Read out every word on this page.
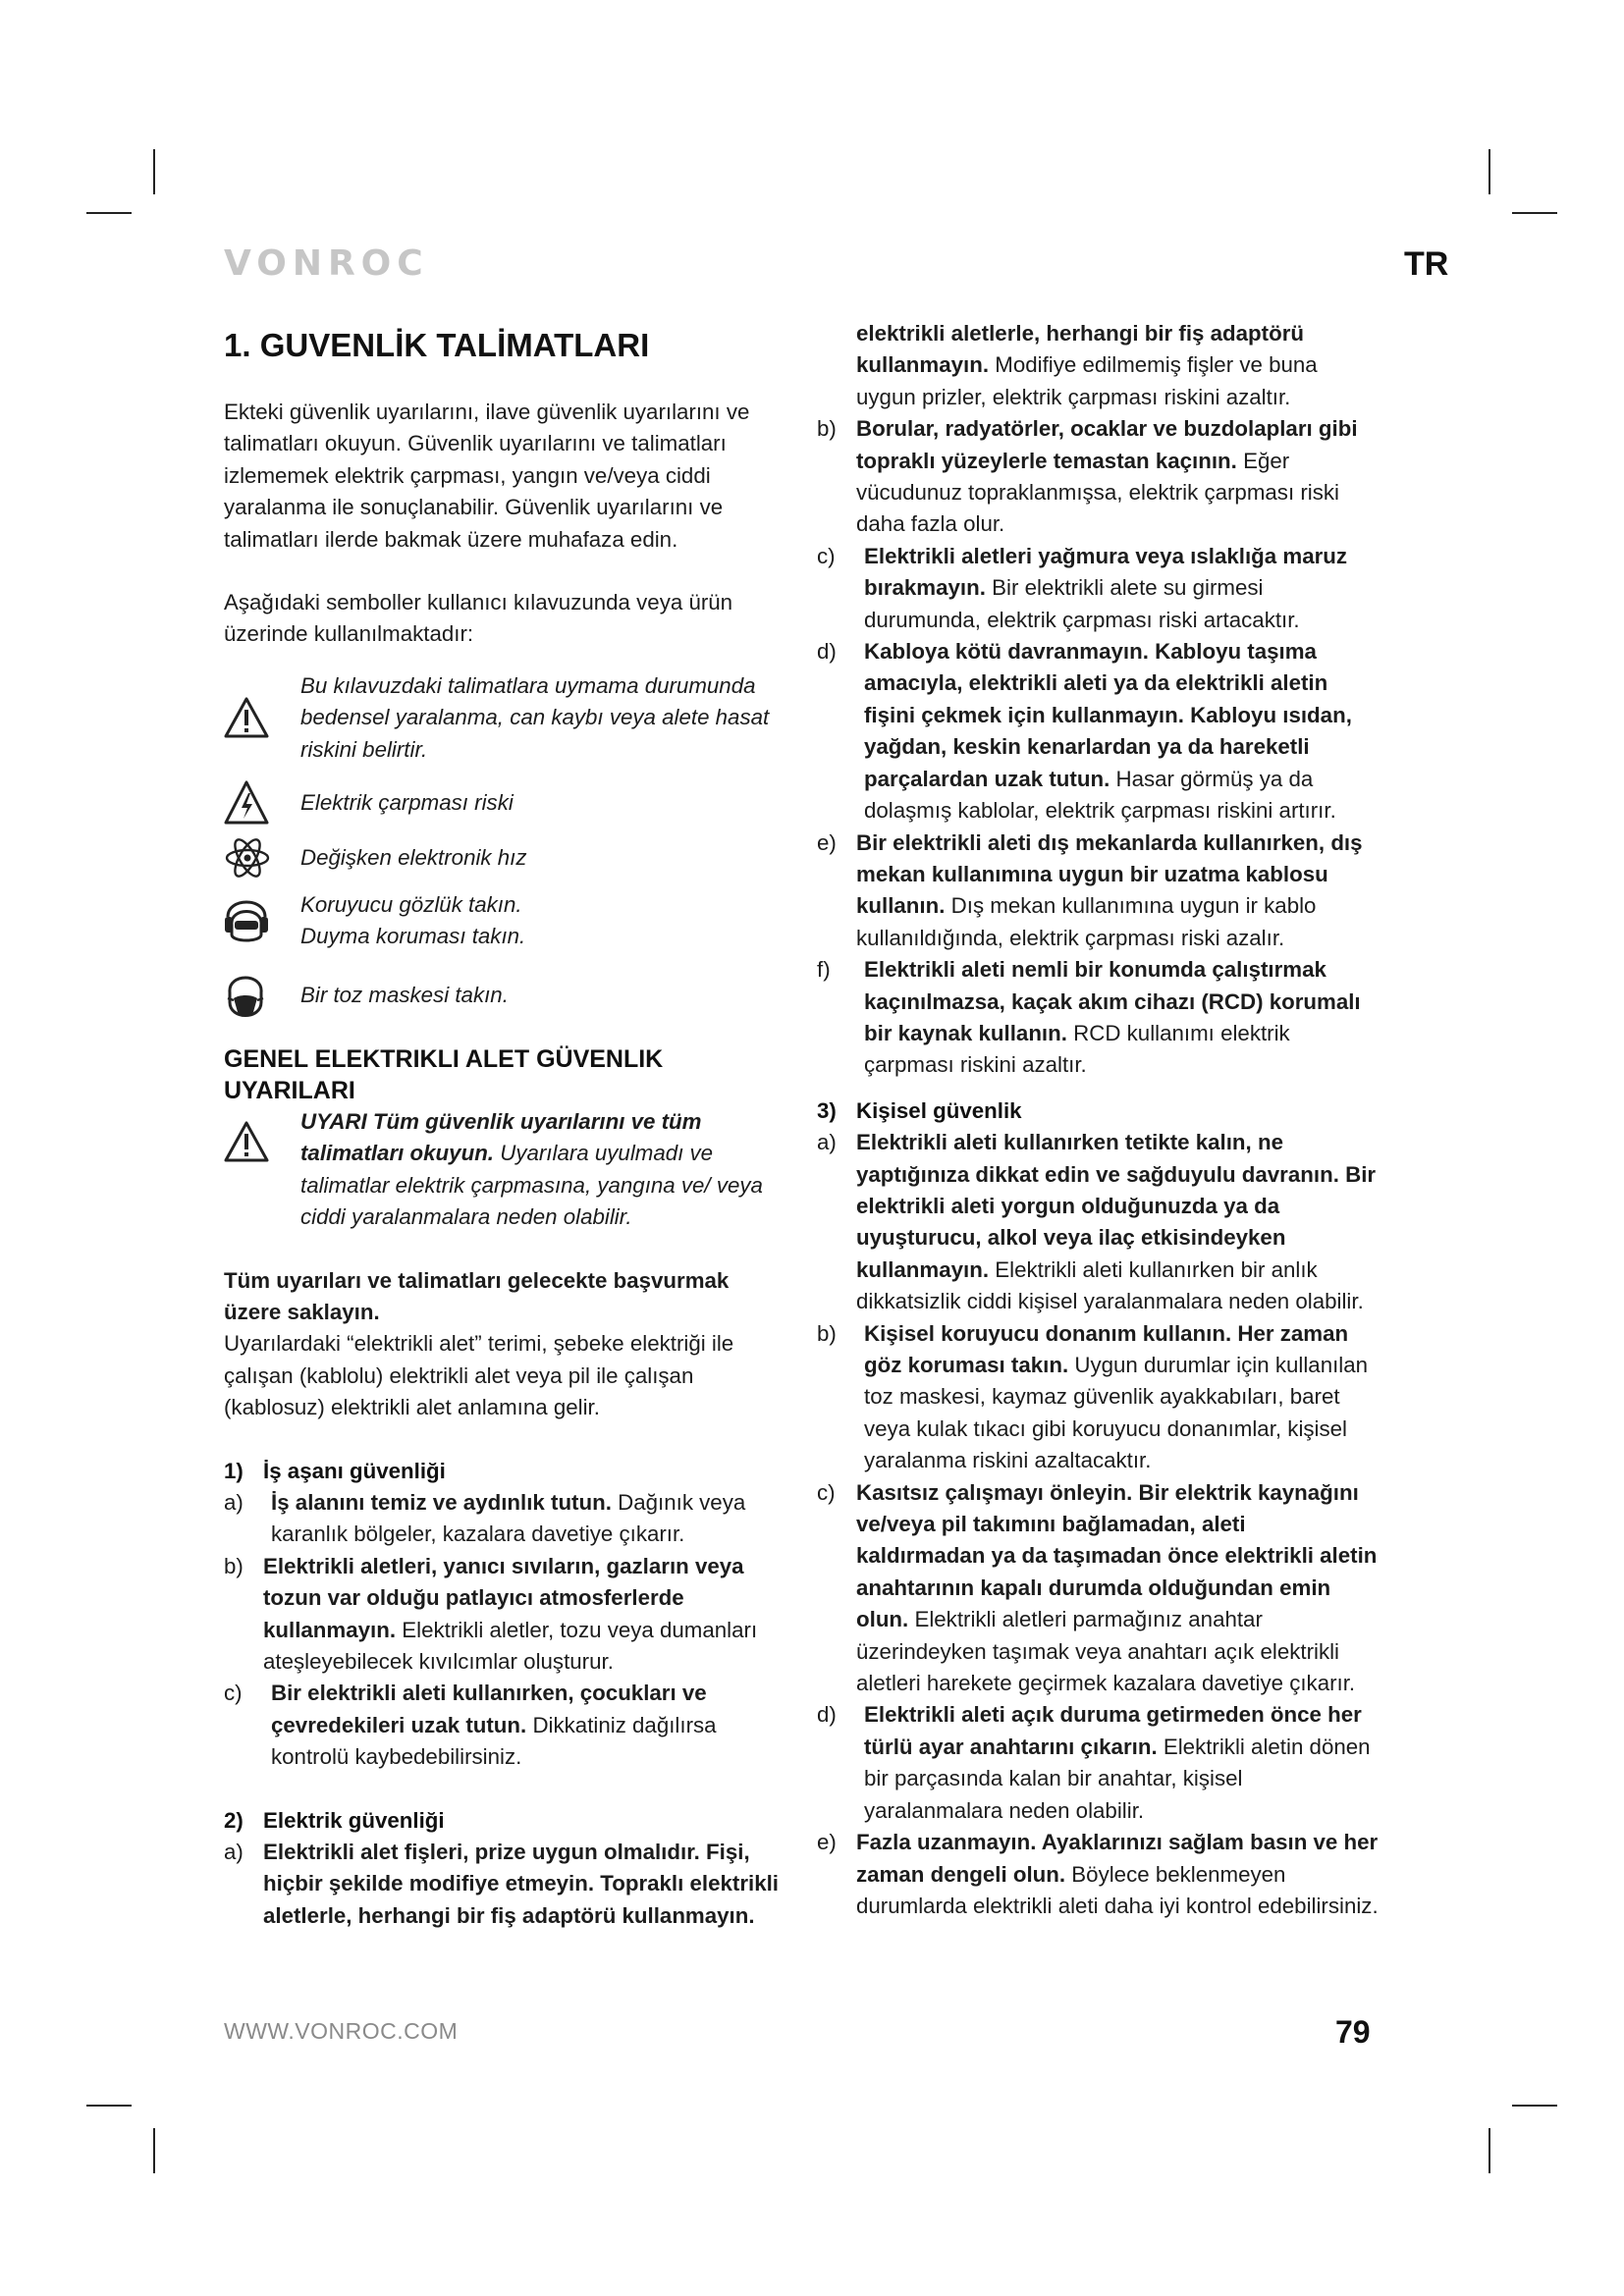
VONROC	TR
1. GUVENLİK TALİMATLARI

Ekteki güvenlik uyarılarını, ilave güvenlik uyarılarını ve talimatları okuyun. Güvenlik uyarılarını ve talimatları izlememek elektrik çarpması, yangın ve/veya ciddi yaralanma ile sonuçlanabilir. Güvenlik uyarılarını ve talimatları ilerde bakmak üzere muhafaza edin.

Aşağıdaki semboller kullanıcı kılavuzunda veya ürün üzerinde kullanılmaktadır:

Bu kılavuzdaki talimatlara uymama durumunda bedensel yaralanma, can kaybı veya alete hasat riskini belirtir.
Elektrik çarpması riski
Değişken elektronik hız
Koruyucu gözlük takın.
Duyma koruması takın.
Bir toz maskesi takın.
GENEL ELEKTRIKLI ALET GÜVENLIK UYARILARI
UYARI Tüm güvenlik uyarılarını ve tüm talimatları okuyun. Uyarılara uyulmadı ve talimatlar elektrik çarpmasına, yangına ve/ veya ciddi yaralanmalara neden olabilir.

Tüm uyarıları ve talimatları gelecekte başvurmak üzere saklayın.

Uyarılardaki “elektrikli alet” terimi, şebeke elektriği ile çalışan (kablolu) elektrikli alet veya pil ile çalışan (kablosuz) elektrikli alet anlamına gelir.

1) İş aşanı güvenliği
a)	İş alanını temiz ve aydınlık tutun. Dağınık veya karanlık bölgeler, kazalara davetiye çıkarır.
b) Elektrikli aletleri, yanıcı sıvıların, gazların veya tozun var olduğu patlayıcı atmosferlerde kullanmayın. Elektrikli aletler, tozu veya dumanları ateşleyebilecek kıvılcımlar oluşturur.
c)	Bir elektrikli aleti kullanırken, çocukları ve çevredekileri uzak tutun. Dikkatiniz dağılırsa kontrolü kaybedebilirsiniz.
2) Elektrik güvenliği
a) Elektrikli alet fişleri, prize uygun olmalıdır. Fişi, hiçbir şekilde modifiye etmeyin. Topraklı elektrikli aletlerle, herhangi bir fiş adaptörü kullanmayın.
elektrikli aletlerle, herhangi bir fiş adaptörü kullanmayın. Modifiye edilmemiş fişler ve buna uygun prizler, elektrik çarpması riskini azaltır.
b) Borular, radyatörler, ocaklar ve buzdolapları gibi topraklı yüzeylerle temastan kaçının. Eğer vücudunuz topraklanmışsa, elektrik çarpması riski daha fazla olur.
c)	Elektrikli aletleri yağmura veya ıslaklığa maruz bırakmayın. Bir elektrikli alete su girmesi durumunda, elektrik çarpması riski artacaktır.
d)	Kabloya kötü davranmayın. Kabloyu taşıma amacıyla, elektrikli aleti ya da elektrikli aletin fişini çekmek için kullanmayın. Kabloyu ısıdan, yağdan, keskin kenarlardan ya da hareketli parçalardan uzak tutun. Hasar görmüş ya da dolaşmış kablolar, elektrik çarpması riskini artırır.
e) Bir elektrikli aleti dış mekanlarda kullanırken, dış mekan kullanımına uygun bir uzatma kablosu kullanın. Dış mekan kullanımına uygun ir kablo kullanıldığında, elektrik çarpması riski azalır.
f)	Elektrikli aleti nemli bir konumda çalıştırmak kaçınılmazsa, kaçak akım cihazı (RCD) korumalı bir kaynak kullanın. RCD kullanımı elektrik çarpması riskini azaltır.
3) Kişisel güvenlik
a) Elektrikli aleti kullanırken tetikte kalın, ne yaptığınıza dikkat edin ve sağduyulu davranın. Bir elektrikli aleti yorgun olduğunuzda ya da uyuşturucu, alkol veya ilaç etkisindeyken kullanmayın. Elektrikli aleti kullanırken bir anlık dikkatsizlik ciddi kişisel yaralanmalara neden olabilir.
b)	Kişisel koruyucu donanım kullanın. Her zaman göz koruması takın. Uygun durumlar için kullanılan toz maskesi, kaymaz güvenlik ayakkabıları, baret veya kulak tıkacı gibi koruyucu donanımlar, kişisel yaralanma riskini azaltacaktır.
c) Kasıtsız çalışmayı önleyin. Bir elektrik kaynağını ve/veya pil takımını bağlamadan, aleti kaldırmadan ya da taşımadan önce elektrikli aletin anahtarının kapalı durumda olduğundan emin olun. Elektrikli aletleri parmağınız anahtar üzerindeyken taşımak veya anahtarı açık elektrikli aletleri harekete geçirmek kazalara davetiye çıkarır.
d)	Elektrikli aleti açık duruma getirmeden önce her türlü ayar anahtarını çıkarın. Elektrikli aletin dönen bir parçasında kalan bir anahtar, kişisel yaralanmalara neden olabilir.
e) Fazla uzanmayın. Ayaklarınızı sağlam basın ve her zaman dengeli olun. Böylece beklenmeyen durumlarda elektrikli aleti daha iyi kontrol edebilirsiniz.
WWW.VONROC.COM	79
